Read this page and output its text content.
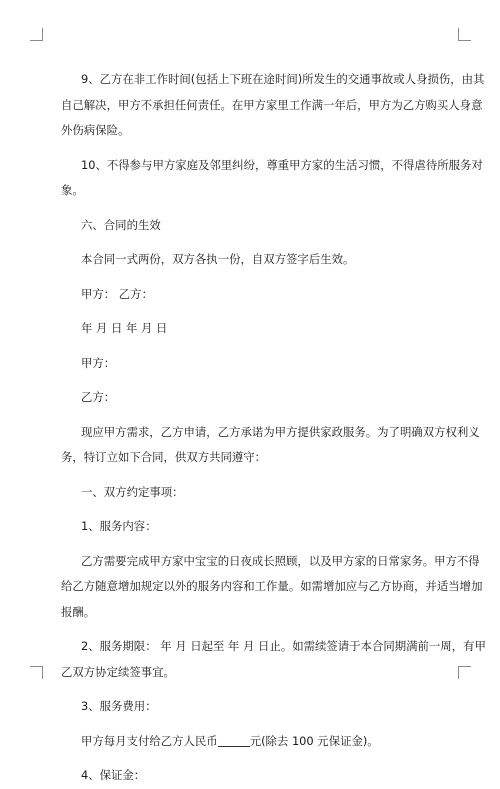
9、乙方在非工作时间(包括上下班在途时间)所发生的交通事故或人身损伤，由其

自己解决，甲方不承担任何责任。在甲方家里工作满一年后，甲方为乙方购买人身意

外伤病保险。

10、不得参与甲方家庭及邻里纠纷，尊重甲方家的生活习惯，不得虐待所服务对

象。

六、合同的生效

本合同一式两份，双方各执一份，自双方签字后生效。

甲方： 乙方：

年 月 日 年 月 日

甲方：

乙方：

现应甲方需求，乙方申请，乙方承诺为甲方提供家政服务。为了明确双方权利义

务，特订立如下合同，供双方共同遵守：

一、双方约定事项：

1、服务内容：

乙方需要完成甲方家中宝宝的日夜成长照顾，以及甲方家的日常家务。甲方不得

给乙方随意增加规定以外的服务内容和工作量。如需增加应与乙方协商，并适当增加

报酬。

2、服务期限： 年 月 日起至 年 月 日止。如需续签请于本合同期满前一周，有甲

乙双方协定续签事宜。

3、服务费用：

甲方每月支付给乙方人民币	元(除去 100 元保证金)。

4、保证金：
